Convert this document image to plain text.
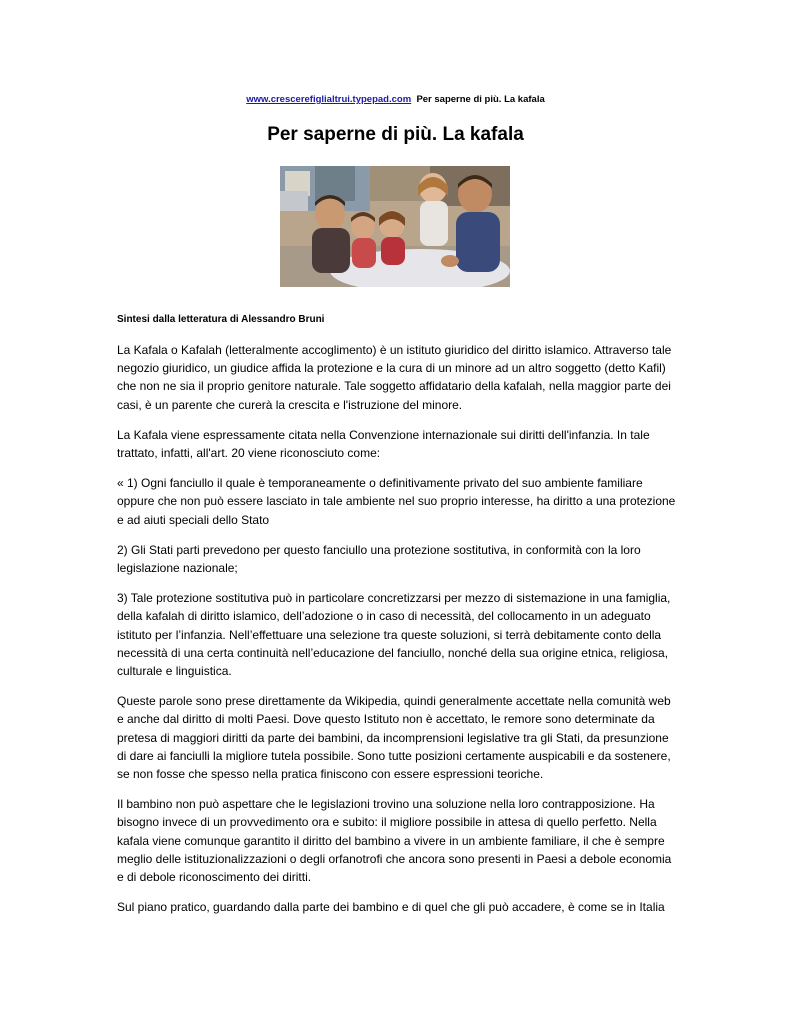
www.crescerefiglialtrui.typepad.com Per saperne di più. La kafala
Per saperne di più. La kafala

Sintesi dalla letteratura di Alessandro Bruni

La Kafala o Kafalah (letteralmente accoglimento) è un istituto giuridico del diritto islamico. Attraverso tale negozio giuridico, un giudice affida la protezione e la cura di un minore ad un altro soggetto (detto Kafil) che non ne sia il proprio genitore naturale. Tale soggetto affidatario della kafalah, nella maggior parte dei casi, è un parente che curerà la crescita e l'istruzione del minore.

La Kafala viene espressamente citata nella Convenzione internazionale sui diritti dell'infanzia. In tale trattato, infatti, all'art. 20 viene riconosciuto come:

« 1) Ogni fanciullo il quale è temporaneamente o definitivamente privato del suo ambiente familiare oppure che non può essere lasciato in tale ambiente nel suo proprio interesse, ha diritto a una protezione e ad aiuti speciali dello Stato

2) Gli Stati parti prevedono per questo fanciullo una protezione sostitutiva, in conformità con la loro legislazione nazionale;

3) Tale protezione sostitutiva può in particolare concretizzarsi per mezzo di sistemazione in una famiglia, della kafalah di diritto islamico, dell’adozione o in caso di necessità, del collocamento in un adeguato istituto per l’infanzia. Nell’effettuare una selezione tra queste soluzioni, si terrà debitamente conto della necessità di una certa continuità nell’educazione del fanciullo, nonché della sua origine etnica, religiosa, culturale e linguistica.

Queste parole sono prese direttamente da Wikipedia, quindi generalmente accettate nella comunità web e anche dal diritto di molti Paesi. Dove questo Istituto non è accettato, le remore sono determinate da pretesa di maggiori diritti da parte dei bambini, da incomprensioni legislative tra gli Stati, da presunzione di dare ai fanciulli la migliore tutela possibile. Sono tutte posizioni certamente auspicabili e da sostenere, se non fosse che spesso nella pratica finiscono con essere espressioni teoriche.

Il bambino non può aspettare che le legislazioni trovino una soluzione nella loro contrapposizione. Ha bisogno invece di un provvedimento ora e subito: il migliore possibile in attesa di quello perfetto. Nella kafala viene comunque garantito il diritto del bambino a vivere in un ambiente familiare, il che è sempre meglio delle istituzionalizzazioni o degli orfanotrofi che ancora sono presenti in Paesi a debole economia e di debole riconoscimento dei diritti.

Sul piano pratico, guardando dalla parte dei bambino e di quel che gli può accadere, è come se in Italia
